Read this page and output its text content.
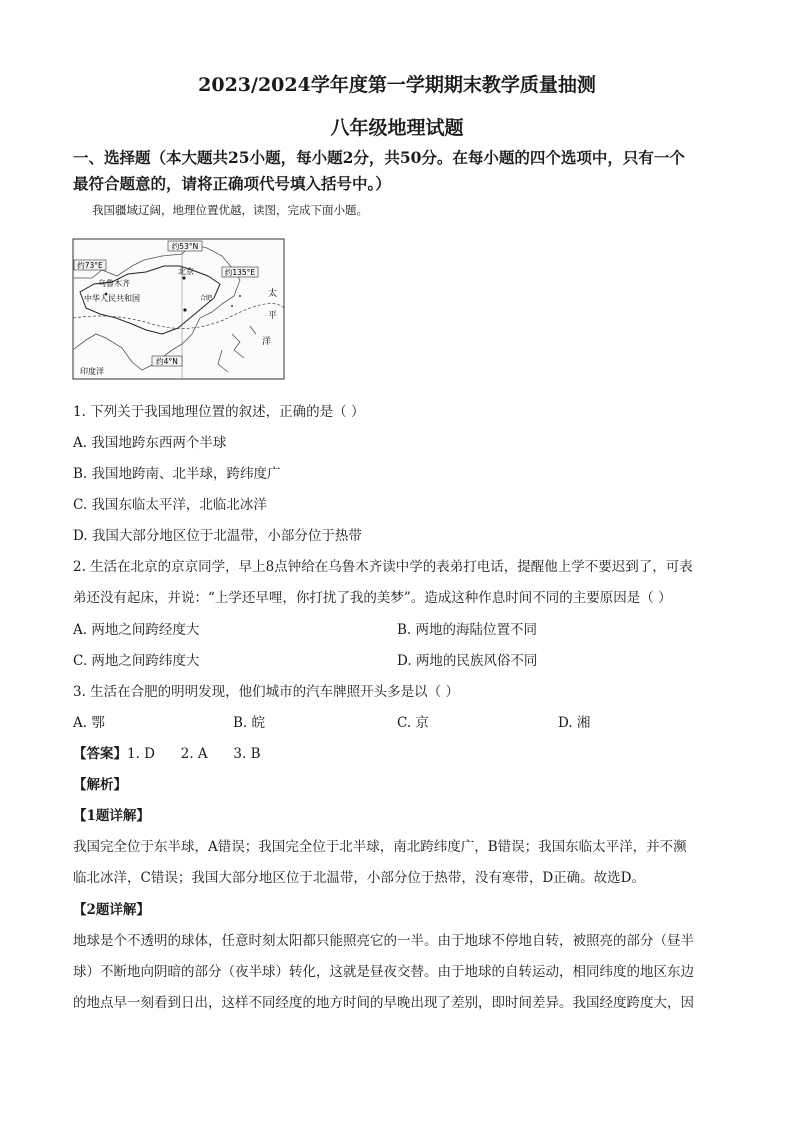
2023/2024学年度第一学期期末教学质量抽测
八年级地理试题
一、选择题（本大题共25小题，每小题2分，共50分。在每小题的四个选项中，只有一个
最符合题意的，请将正确项代号填入括号中。）
我国疆域辽阔，地理位置优越，读图，完成下面小题。
约53°N
约73°E
约135°E
约4°N
乌鲁木齐
北京
合肥
中华人民共和国	太
平
洋
印度洋
1. 下列关于我国地理位置的叙述，正确的是（ ）
A. 我国地跨东西两个半球
B. 我国地跨南、北半球，跨纬度广
C. 我国东临太平洋，北临北冰洋
D. 我国大部分地区位于北温带，小部分位于热带
2. 生活在北京的京京同学，早上8点钟给在乌鲁木齐读中学的表弟打电话，提醒他上学不要迟到了，可表
弟还没有起床，并说：“上学还早哩，你打扰了我的美梦”。造成这种作息时间不同的主要原因是（ ）
A. 两地之间跨经度大	B. 两地的海陆位置不同
C. 两地之间跨纬度大	D. 两地的民族风俗不同
3. 生活在合肥的明明发现，他们城市的汽车牌照开头多是以（ ）
A. 鄂	B. 皖	C. 京	D. 湘
【答案】1. D      2. A      3. B
【解析】
【1题详解】
我国完全位于东半球，A错误；我国完全位于北半球，南北跨纬度广，B错误；我国东临太平洋，并不濒
临北冰洋，C错误；我国大部分地区位于北温带，小部分位于热带，没有寒带，D正确。故选D。
【2题详解】
地球是个不透明的球体，任意时刻太阳都只能照亮它的一半。由于地球不停地自转，被照亮的部分（昼半
球）不断地向阴暗的部分（夜半球）转化，这就是昼夜交替。由于地球的自转运动，相同纬度的地区东边
的地点早一刻看到日出，这样不同经度的地方时间的早晚出现了差别，即时间差异。我国经度跨度大，因
